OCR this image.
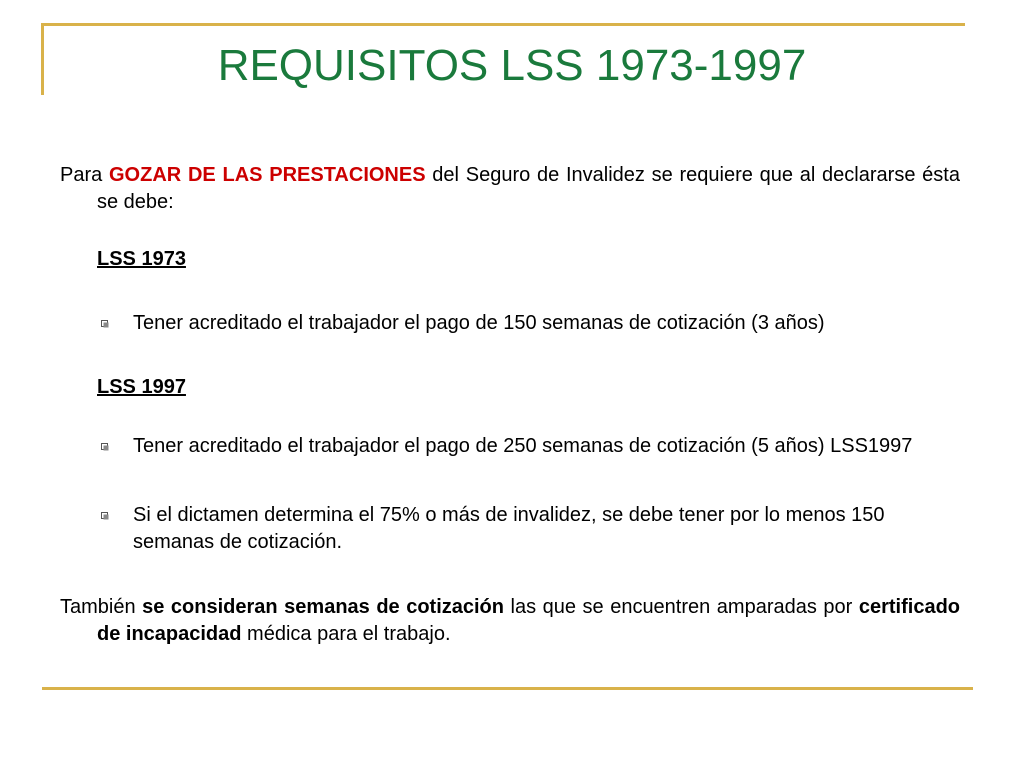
REQUISITOS LSS 1973-1997

Para GOZAR DE LAS PRESTACIONES del Seguro de Invalidez se requiere que al declararse ésta se debe:

LSS 1973

Tener acreditado el trabajador el pago de 150 semanas de cotización (3 años)

LSS 1997

Tener acreditado el trabajador el pago de 250 semanas de cotización (5 años) LSS1997
Si el dictamen determina el 75% o más de invalidez, se debe tener por lo menos 150 semanas de cotización.

También se consideran semanas de cotización las que se encuentren amparadas por certificado de incapacidad médica para el trabajo.
